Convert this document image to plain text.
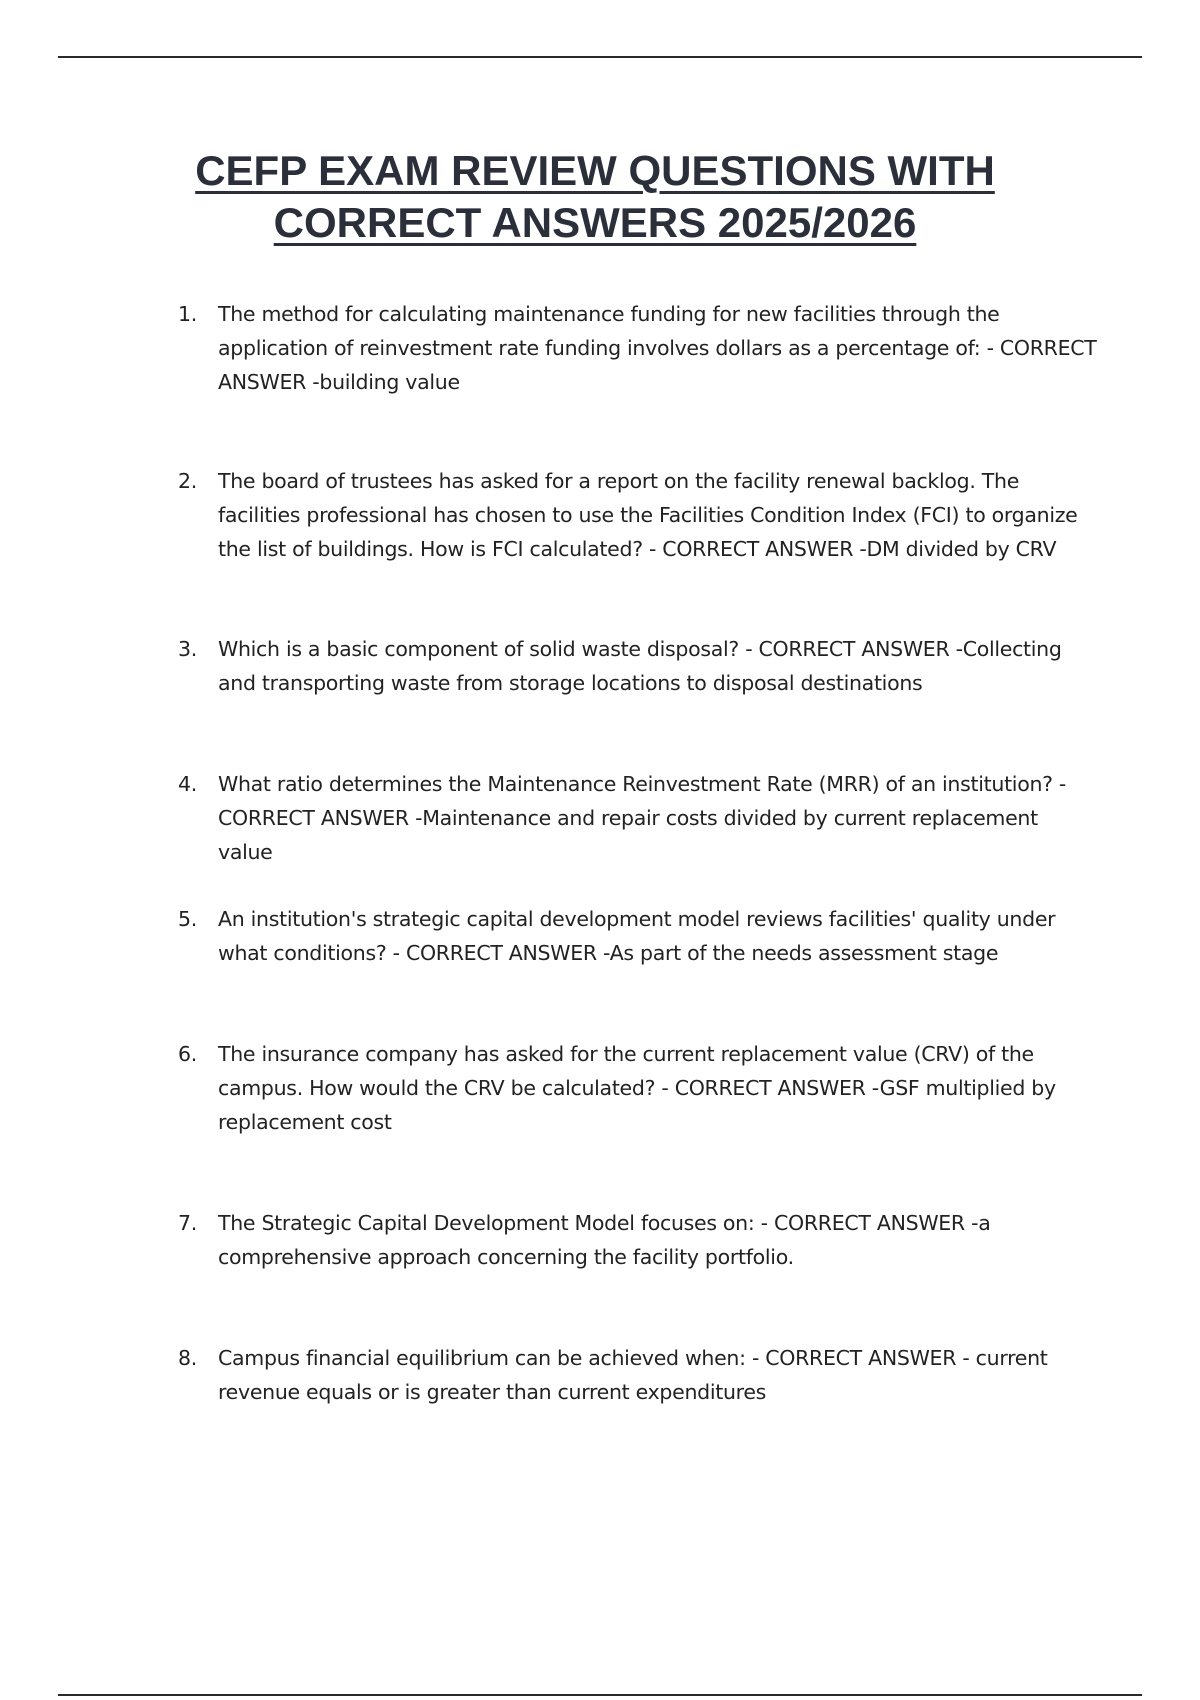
CEFP EXAM REVIEW QUESTIONS WITH
CORRECT ANSWERS 2025/2026
1.	The method for calculating maintenance funding for new facilities through the application of reinvestment rate funding involves dollars as a percentage of: - CORRECT ANSWER -building value
2.	The board of trustees has asked for a report on the facility renewal backlog. The facilities professional has chosen to use the Facilities Condition Index (FCI) to organize the list of buildings. How is FCI calculated? - CORRECT ANSWER -DM divided by CRV
3.	Which is a basic component of solid waste disposal? - CORRECT ANSWER -Collecting and transporting waste from storage locations to disposal destinations
4.	What ratio determines the Maintenance Reinvestment Rate (MRR) of an institution? - CORRECT ANSWER -Maintenance and repair costs divided by current replacement value
5.	An institution's strategic capital development model reviews facilities' quality under what conditions? - CORRECT ANSWER -As part of the needs assessment stage
6.	The insurance company has asked for the current replacement value (CRV) of the campus. How would the CRV be calculated? - CORRECT ANSWER -GSF multiplied by replacement cost
7.	The Strategic Capital Development Model focuses on: - CORRECT ANSWER -a comprehensive approach concerning the facility portfolio.
8.	Campus financial equilibrium can be achieved when: - CORRECT ANSWER - current revenue equals or is greater than current expenditures
